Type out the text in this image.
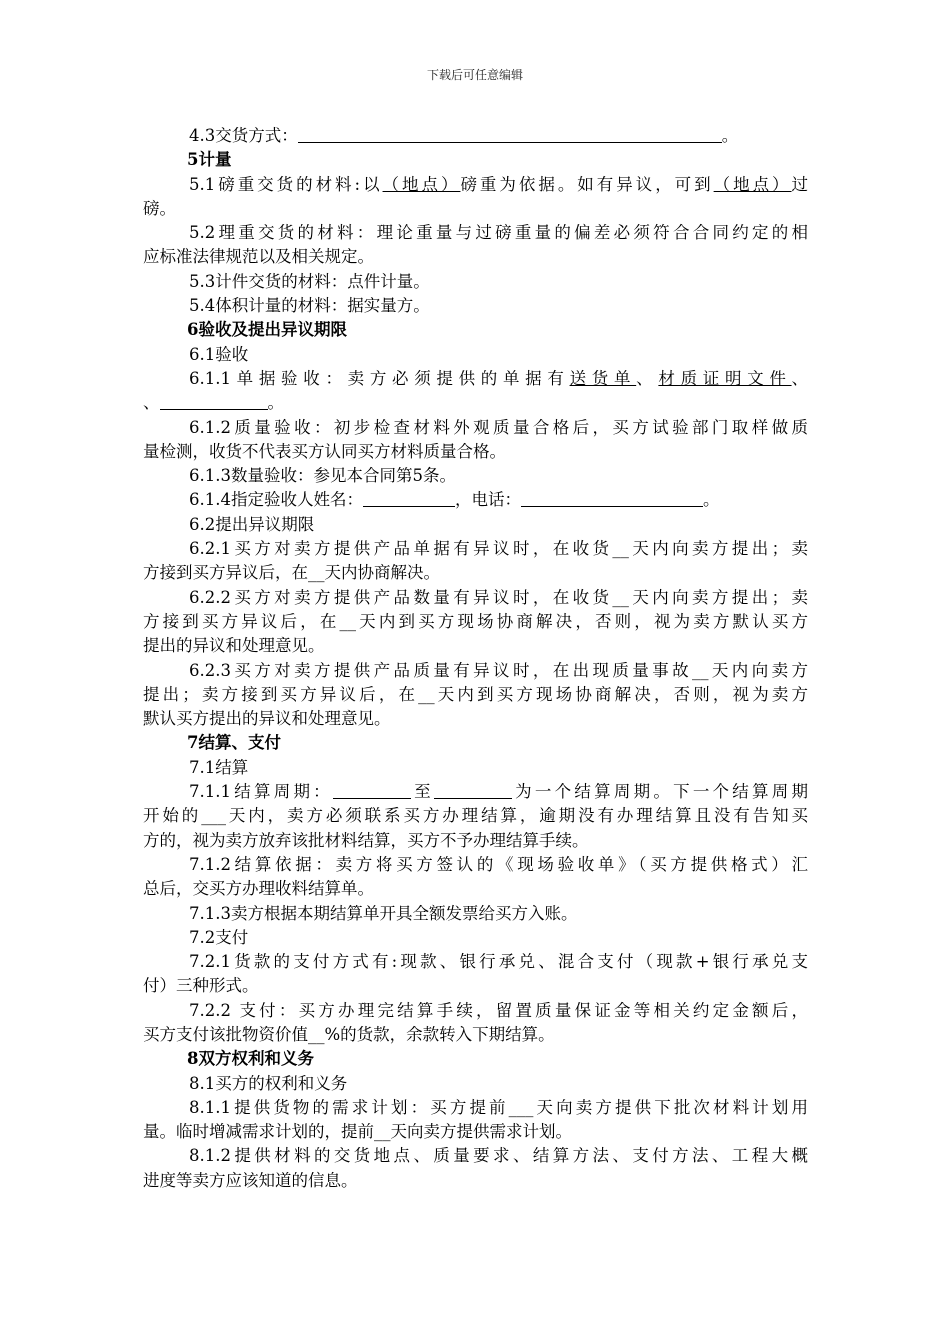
下载后可任意编辑
4.3交货方式：	。
5计量
5.1磅重交货的材料:以（地点）磅重为依据。如有异议，可到（地点）过
磅。
5.2理重交货的材料：理论重量与过磅重量的偏差必须符合合同约定的相
应标准法律规范以及相关规定。
5.3计件交货的材料：点件计量。
5.4体积计量的材料：据实量方。
6验收及提出异议期限
6.1验收
6.1.1单据验收：卖方必须提供的单据有送货单、材质证明文件、
、	。
6.1.2质量验收：初步检查材料外观质量合格后，买方试验部门取样做质
量检测，收货不代表买方认同买方材料质量合格。
6.1.3数量验收：参见本合同第5条。
6.1.4指定验收人姓名：	，电话：	。
6.2提出异议期限
6.2.1买方对卖方提供产品单据有异议时，在收货__天内向卖方提出；卖
方接到买方异议后，在__天内协商解决。
6.2.2买方对卖方提供产品数量有异议时，在收货__天内向卖方提出；卖
方接到买方异议后，在__天内到买方现场协商解决，否则，视为卖方默认买方
提出的异议和处理意见。
6.2.3买方对卖方提供产品质量有异议时，在出现质量事故__天内向卖方
提出；卖方接到买方异议后，在__天内到买方现场协商解决，否则，视为卖方
默认买方提出的异议和处理意见。
7结算、支付
7.1结算
7.1.1结算周期：	至	为一个结算周期。下一个结算周期
开始的___天内，卖方必须联系买方办理结算，逾期没有办理结算且没有告知买
方的，视为卖方放弃该批材料结算，买方不予办理结算手续。
7.1.2结算依据：卖方将买方签认的《现场验收单》（买方提供格式）汇
总后，交买方办理收料结算单。
7.1.3卖方根据本期结算单开具全额发票给买方入账。
7.2支付
7.2.1货款的支付方式有:现款、银行承兑、混合支付（现款+银行承兑支
付）三种形式。
7.2.2 支付：买方办理完结算手续，留置质量保证金等相关约定金额后，
买方支付该批物资价值__%的货款，余款转入下期结算。
8双方权利和义务
8.1买方的权利和义务
8.1.1提供货物的需求计划：买方提前___天向卖方提供下批次材料计划用
量。临时增减需求计划的，提前__天向卖方提供需求计划。
8.1.2提供材料的交货地点、质量要求、结算方法、支付方法、工程大概
进度等卖方应该知道的信息。
